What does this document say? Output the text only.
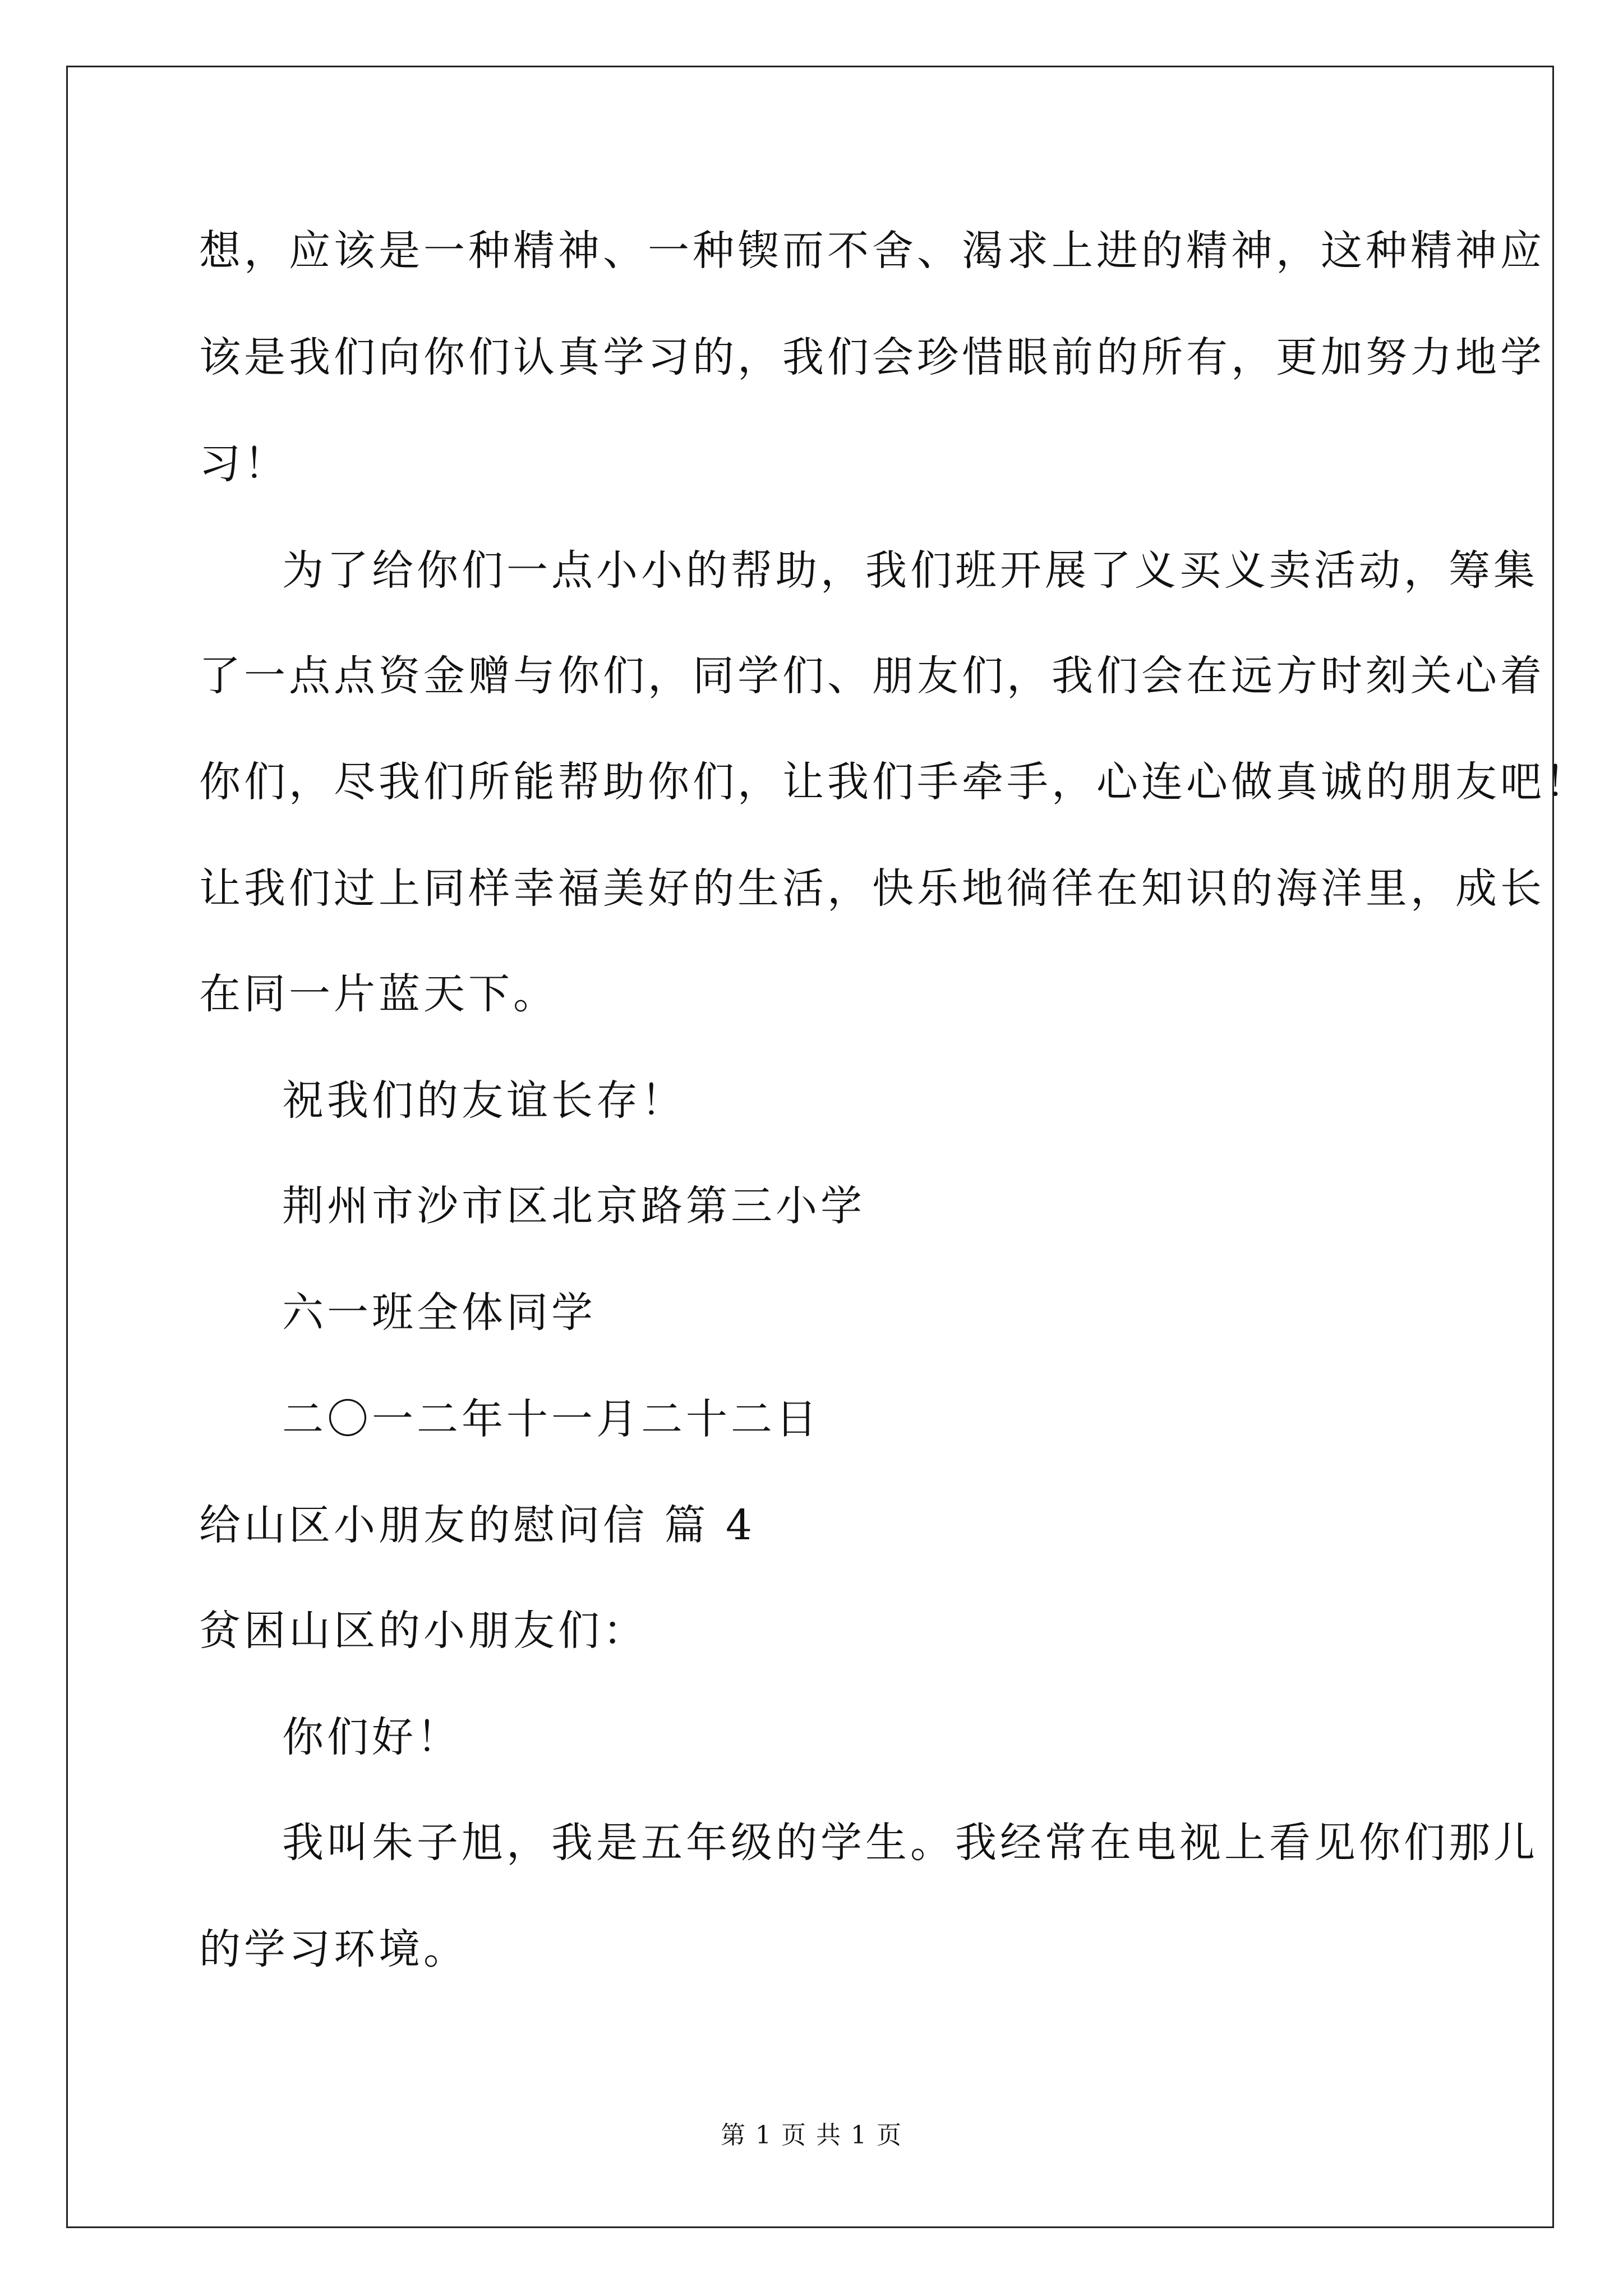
想，应该是一种精神、一种锲而不舍、渴求上进的精神，这种精神应
该是我们向你们认真学习的，我们会珍惜眼前的所有，更加努力地学
习！
为了给你们一点小小的帮助，我们班开展了义买义卖活动，筹集
了一点点资金赠与你们，同学们、朋友们，我们会在远方时刻关心着
你们，尽我们所能帮助你们，让我们手牵手，心连心做真诚的朋友吧！
让我们过上同样幸福美好的生活，快乐地徜徉在知识的海洋里，成长
在同一片蓝天下。
祝我们的友谊长存！
荆州市沙市区北京路第三小学
六一班全体同学
二〇一二年十一月二十二日
给山区小朋友的慰问信 篇 4
贫困山区的小朋友们：
你们好！
我叫朱子旭，我是五年级的学生。我经常在电视上看见你们那儿
的学习环境。
第 1 页 共 1 页
